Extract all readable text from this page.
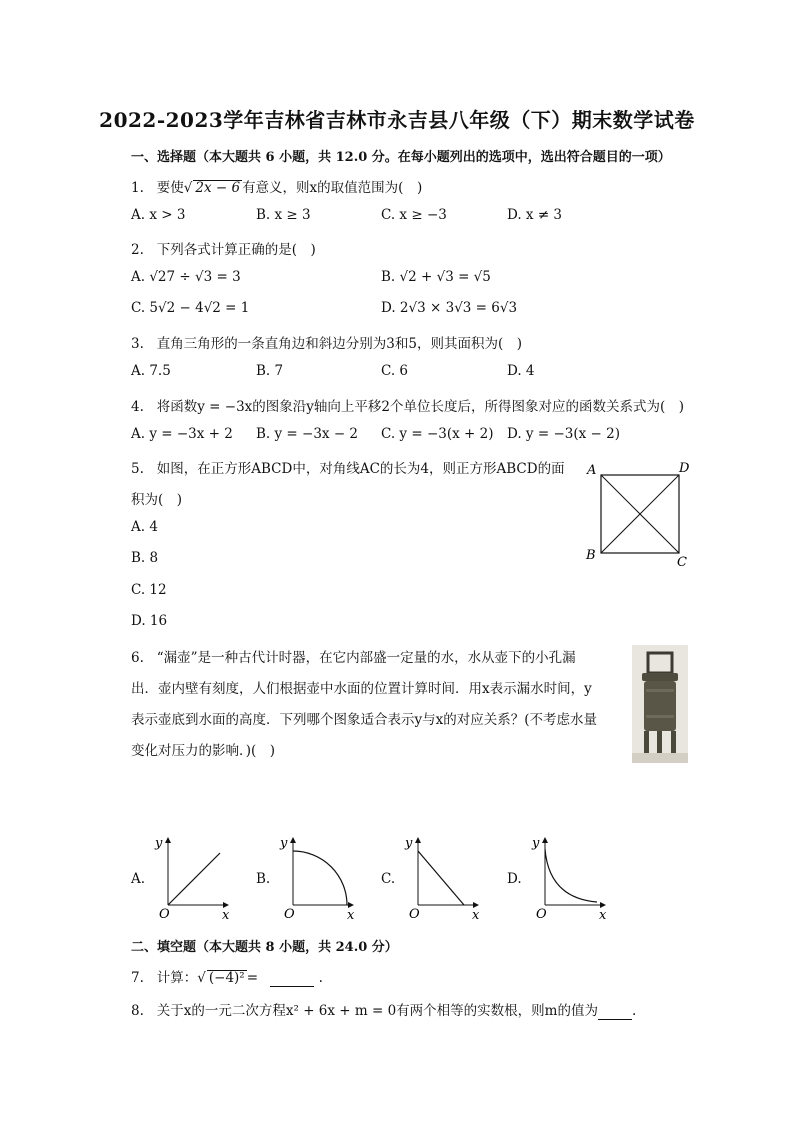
2022-2023学年吉林省吉林市永吉县八年级（下）期末数学试卷
一、选择题（本大题共 6 小题，共 12.0 分。在每小题列出的选项中，选出符合题目的一项）
1. 要使√ 2x − 6 有意义，则x的取值范围为(　)
A. x > 3	B. x ≥ 3	C. x ≥ −3	D. x ≠ 3
2. 下列各式计算正确的是(　)
A. √27 ÷ √3 = 3	B. √2 + √3 = √5
C. 5√2 − 4√2 = 1	D. 2√3 × 3√3 = 6√3
3. 直角三角形的一条直角边和斜边分别为3和5，则其面积为(　)
A. 7.5	B. 7	C. 6	D. 4
4. 将函数y = −3x的图象沿y轴向上平移2个单位长度后，所得图象对应的函数关系式为(　)
A. y = −3x + 2 B. y = −3x − 2 C. y = −3(x + 2) D. y = −3(x − 2)
5. 如图，在正方形ABCD中，对角线AC的长为4，则正方形ABCD的面
积为(　)
A. 4
B. 8
C. 12
D. 16
A	D
B	C
6. “漏壶”是一种古代计时器，在它内部盛一定量的水，水从壶下的小孔漏
出．壶内壁有刻度，人们根据壶中水面的位置计算时间．用x表示漏水时间，y
表示壶底到水面的高度．下列哪个图象适合表示y与x的对应关系？(不考虑水量
变化对压力的影响．)(　)
A.	B.	C.	D.
y
O	x
y
O	x
y
O	x
y
O	x
二、填空题（本大题共 8 小题，共 24.0 分）
7. 计算：√ (−4)² =	.
8. 关于x的一元二次方程x² + 6x + m = 0有两个相等的实数根，则m的值为	.
